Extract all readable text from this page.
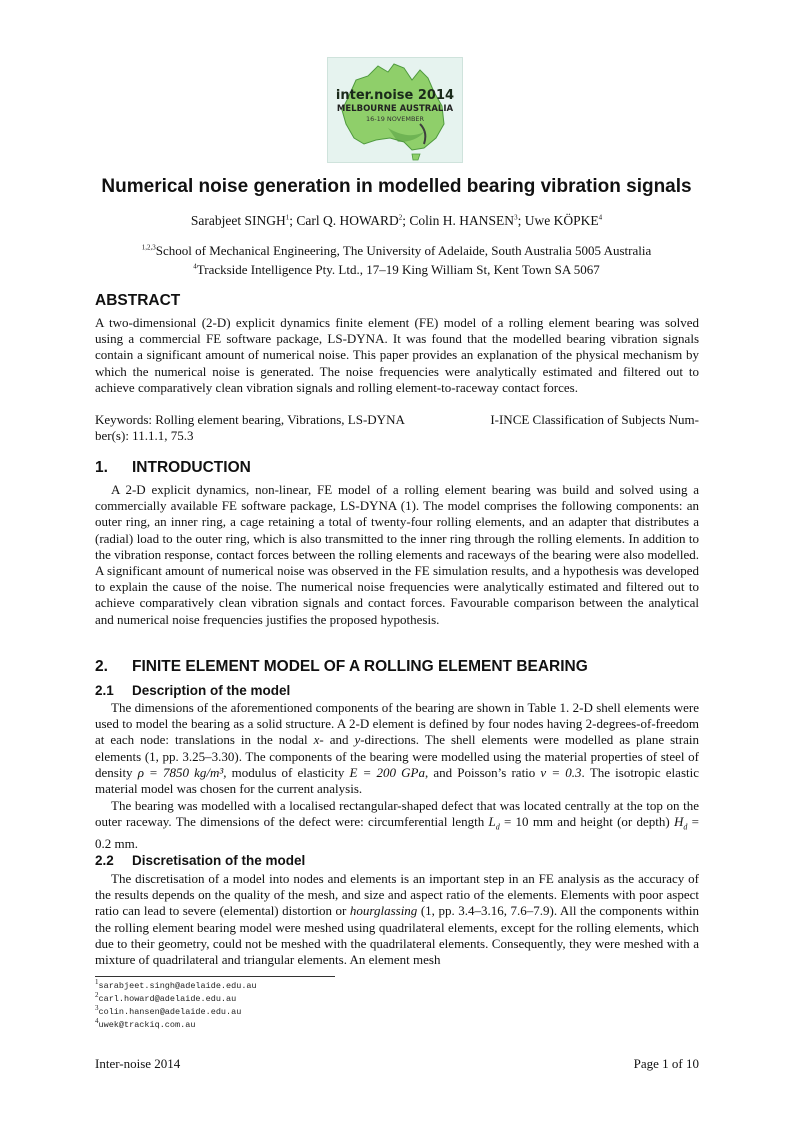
inter.noise 2014
MELBOURNE AUSTRALIA
16-19 NOVEMBER
Numerical noise generation in modelled bearing vibration signals
Sarabjeet SINGH$^1$; Carl Q. HOWARD$^2$; Colin H. HANSEN$^3$; Uwe KÖPKE$^4$
$^{1,2,3}$School of Mechanical Engineering, The University of Adelaide, South Australia 5005 Australia
$^4$Trackside Intelligence Pty. Ltd., 17–19 King William St, Kent Town SA 5067
ABSTRACT

A two-dimensional (2-D) explicit dynamics finite element (FE) model of a rolling element bearing was solved using a commercial FE software package, LS-DYNA. It was found that the modelled bearing vibration signals contain a significant amount of numerical noise. This paper provides an explanation of the physical mechanism by which the numerical noise is generated. The noise frequencies were analytically estimated and filtered out to achieve comparatively clean vibration signals and rolling element-to-raceway contact forces.

Keywords: Rolling element bearing, Vibrations, LS-DYNA	I-INCE Classification of Subjects Num-

ber(s): 11.1.1, 75.3
1. INTRODUCTION

A 2-D explicit dynamics, non-linear, FE model of a rolling element bearing was build and solved using a commercially available FE software package, LS-DYNA (1). The model comprises the following components: an outer ring, an inner ring, a cage retaining a total of twenty-four rolling elements, and an adapter that distributes a (radial) load to the outer ring, which is also transmitted to the inner ring through the rolling elements. In addition to the vibration response, contact forces between the rolling elements and raceways of the bearing were also modelled. A significant amount of numerical noise was observed in the FE simulation results, and a hypothesis was developed to explain the cause of the noise. The numerical noise frequencies were analytically estimated and filtered out to achieve comparatively clean vibration signals and contact forces. Favourable comparison between the analytical and numerical noise frequencies justifies the proposed hypothesis.

2. FINITE ELEMENT MODEL OF A ROLLING ELEMENT BEARING
2.1 Description of the model

The dimensions of the aforementioned components of the bearing are shown in Table 1. 2-D shell elements were used to model the bearing as a solid structure. A 2-D element is defined by four nodes having 2-degrees-of-freedom at each node: translations in the nodal x- and y-directions. The shell elements were modelled as plane strain elements (1, pp. 3.25–3.30). The components of the bearing were modelled using the material properties of steel of density ρ = 7850 kg/m³, modulus of elasticity E = 200 GPa, and Poisson’s ratio ν = 0.3. The isotropic elastic material model was chosen for the current analysis.

The bearing was modelled with a localised rectangular-shaped defect that was located centrally at the top on the outer raceway. The dimensions of the defect were: circumferential length $L_d = 10$ mm and height (or depth) $H_d = 0.2$ mm.

2.2 Discretisation of the model

The discretisation of a model into nodes and elements is an important step in an FE analysis as the accuracy of the results depends on the quality of the mesh, and size and aspect ratio of the elements. Elements with poor aspect ratio can lead to severe (elemental) distortion or hourglassing (1, pp. 3.4–3.16, 7.6–7.9). All the components within the rolling element bearing model were meshed using quadrilateral elements, except for the rolling elements, which due to their geometry, could not be meshed with the quadrilateral elements. Consequently, they were meshed with a mixture of quadrilateral and triangular elements. An element mesh

$^1$sarabjeet.singh@adelaide.edu.au
$^2$carl.howard@adelaide.edu.au
$^3$colin.hansen@adelaide.edu.au
$^4$uwek@trackiq.com.au
Inter-noise 2014	Page 1 of 10
